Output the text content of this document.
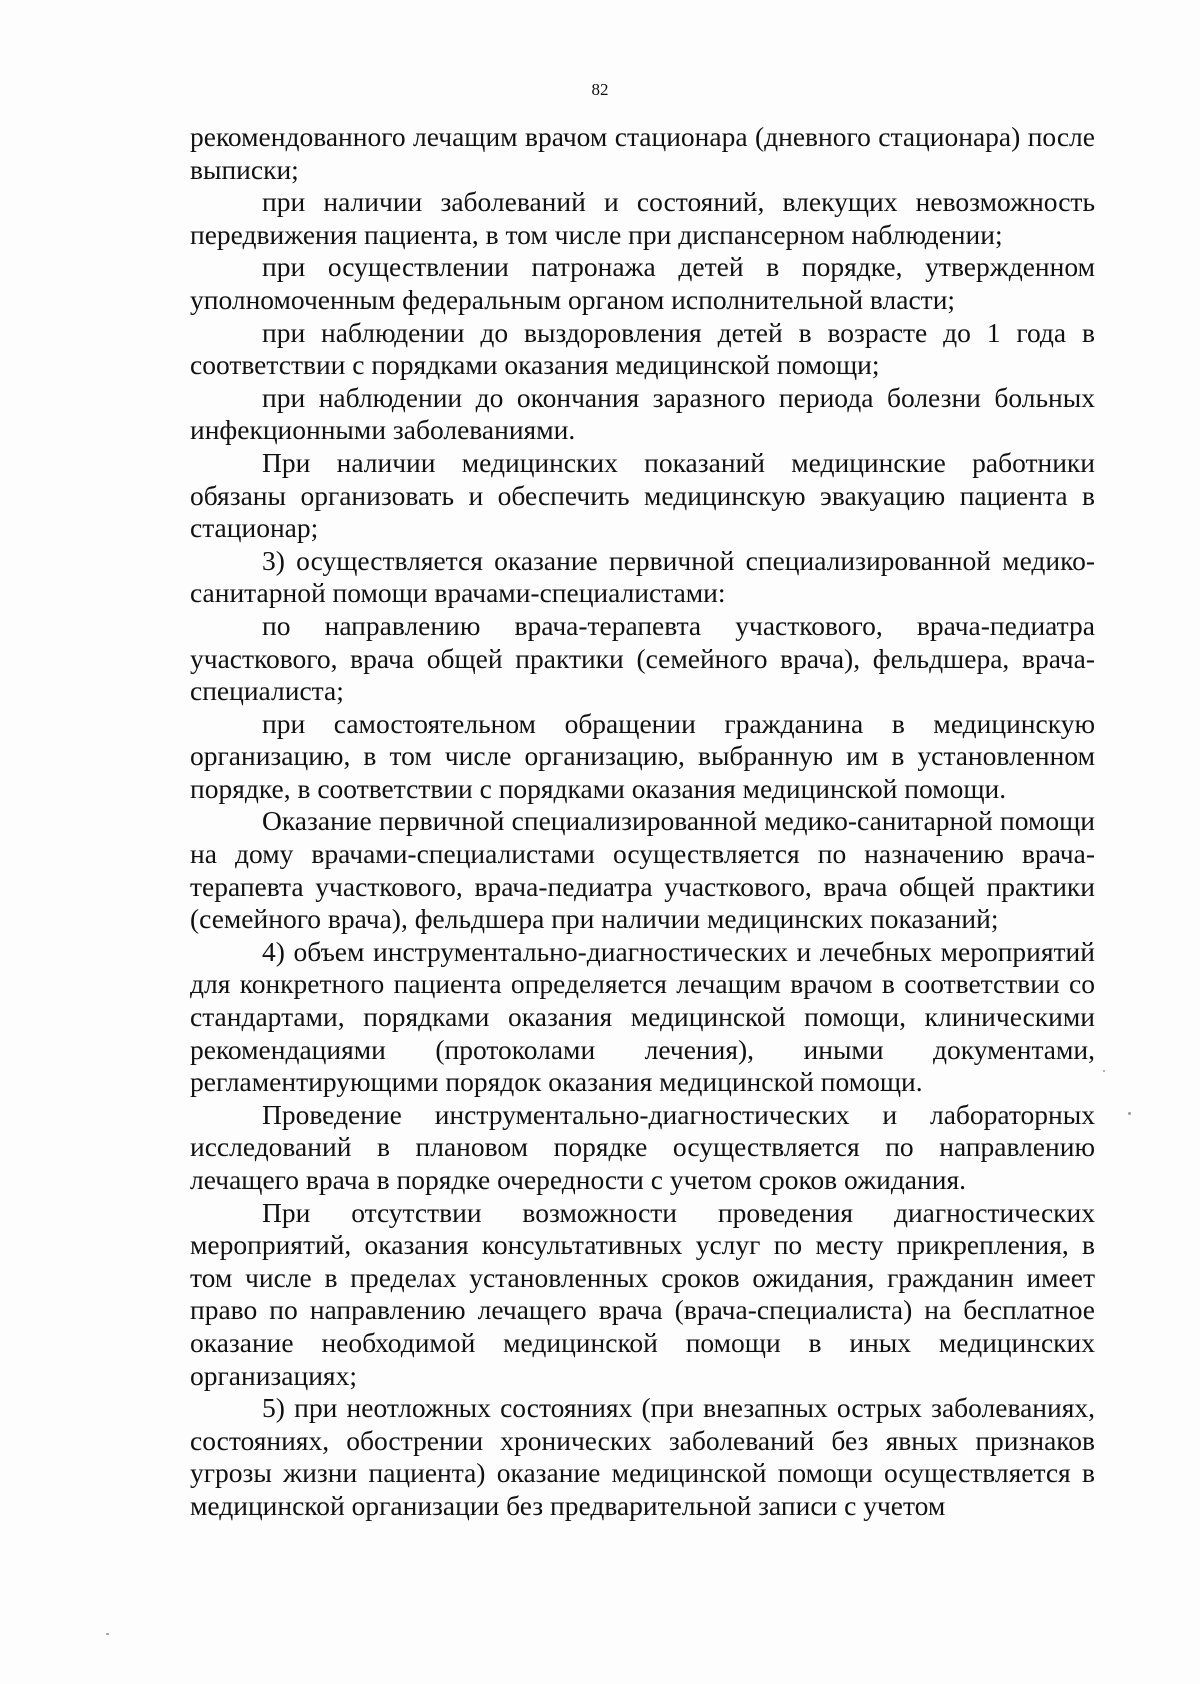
82

рекомендованного лечащим врачом стационара (дневного стационара) после выписки;

при наличии заболеваний и состояний, влекущих невозможность передвижения пациента, в том числе при диспансерном наблюдении;

при осуществлении патронажа детей в порядке, утвержденном уполномоченным федеральным органом исполнительной власти;

при наблюдении до выздоровления детей в возрасте до 1 года в соответствии с порядками оказания медицинской помощи;

при наблюдении до окончания заразного периода болезни больных инфекционными заболеваниями.

При наличии медицинских показаний медицинские работники обязаны организовать и обеспечить медицинскую эвакуацию пациента в стационар;

3) осуществляется оказание первичной специализированной медико-санитарной помощи врачами-специалистами:

по направлению врача-терапевта участкового, врача-педиатра участкового, врача общей практики (семейного врача), фельдшера, врача-специалиста;

при самостоятельном обращении гражданина в медицинскую организацию, в том числе организацию, выбранную им в установленном порядке, в соответствии с порядками оказания медицинской помощи.

Оказание первичной специализированной медико-санитарной помощи на дому врачами-специалистами осуществляется по назначению врача-терапевта участкового, врача-педиатра участкового, врача общей практики (семейного врача), фельдшера при наличии медицинских показаний;

4) объем инструментально-диагностических и лечебных мероприятий для конкретного пациента определяется лечащим врачом в соответствии со стандартами, порядками оказания медицинской помощи, клиническими рекомендациями (протоколами лечения), иными документами, регламентирующими порядок оказания медицинской помощи.

Проведение инструментально-диагностических и лабораторных исследований в плановом порядке осуществляется по направлению лечащего врача в порядке очередности с учетом сроков ожидания.

При отсутствии возможности проведения диагностических мероприятий, оказания консультативных услуг по месту прикрепления, в том числе в пределах установленных сроков ожидания, гражданин имеет право по направлению лечащего врача (врача-специалиста) на бесплатное оказание необходимой медицинской помощи в иных медицинских организациях;

5) при неотложных состояниях (при внезапных острых заболеваниях, состояниях, обострении хронических заболеваний без явных признаков угрозы жизни пациента) оказание медицинской помощи осуществляется в медицинской организации без предварительной записи с учетом
